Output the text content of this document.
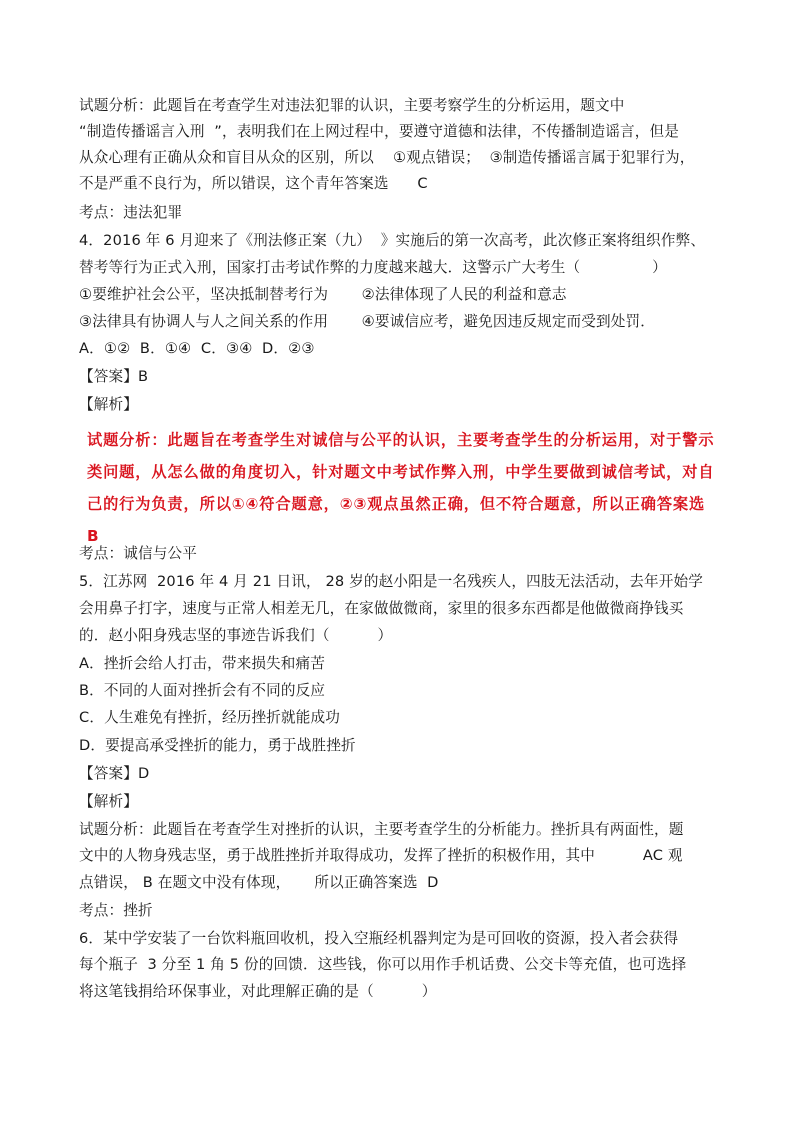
试题分析：此题旨在考查学生对违法犯罪的认识，主要考察学生的分析运用，题文中
“制造传播谣言入刑  ”，表明我们在上网过程中，要遵守道德和法律，不传播制造谣言，但是
从众心理有正确从众和盲目从众的区别，所以    ①观点错误；  ③制造传播谣言属于犯罪行为，
不是严重不良行为，所以错误，这个青年答案选      C
考点：违法犯罪
4．2016 年 6 月迎来了《刑法修正案（九）  》实施后的第一次高考，此次修正案将组织作弊、
替考等行为正式入刑，国家打击考试作弊的力度越来越大．这警示广大考生（               ）
①要维护社会公平，坚决抵制替考行为       ②法律体现了人民的利益和意志
③法律具有协调人与人之间关系的作用       ④要诚信应考，避免因违反规定而受到处罚．
A．①②  B．①④  C．③④  D．②③
【答案】B
【解析】
试题分析：此题旨在考查学生对诚信与公平的认识，主要考查学生的分析运用，对于警示
类问题，从怎么做的角度切入，针对题文中考试作弊入刑，中学生要做到诚信考试，对自
己的行为负责，所以①④符合题意，②③观点虽然正确，但不符合题意，所以正确答案选
B
考点：诚信与公平
5．江苏网  2016 年 4 月 21 日讯， 28 岁的赵小阳是一名残疾人，四肢无法活动，去年开始学
会用鼻子打字，速度与正常人相差无几，在家做做微商，家里的很多东西都是他做微商挣钱买
的．赵小阳身残志坚的事迹告诉我们（          ）
A．挫折会给人打击，带来损失和痛苦
B．不同的人面对挫折会有不同的反应
C．人生难免有挫折，经历挫折就能成功
D．要提高承受挫折的能力，勇于战胜挫折
【答案】D
【解析】
试题分析：此题旨在考查学生对挫折的认识，主要考查学生的分析能力。挫折具有两面性，题
文中的人物身残志坚，勇于战胜挫折并取得成功，发挥了挫折的积极作用，其中          AC 观
点错误， B 在题文中没有体现，     所以正确答案选  D
考点：挫折
6．某中学安装了一台饮料瓶回收机，投入空瓶经机器判定为是可回收的资源，投入者会获得
每个瓶子  3 分至 1 角 5 份的回馈．这些钱，你可以用作手机话费、公交卡等充值，也可选择
将这笔钱捐给环保事业，对此理解正确的是（          ）
